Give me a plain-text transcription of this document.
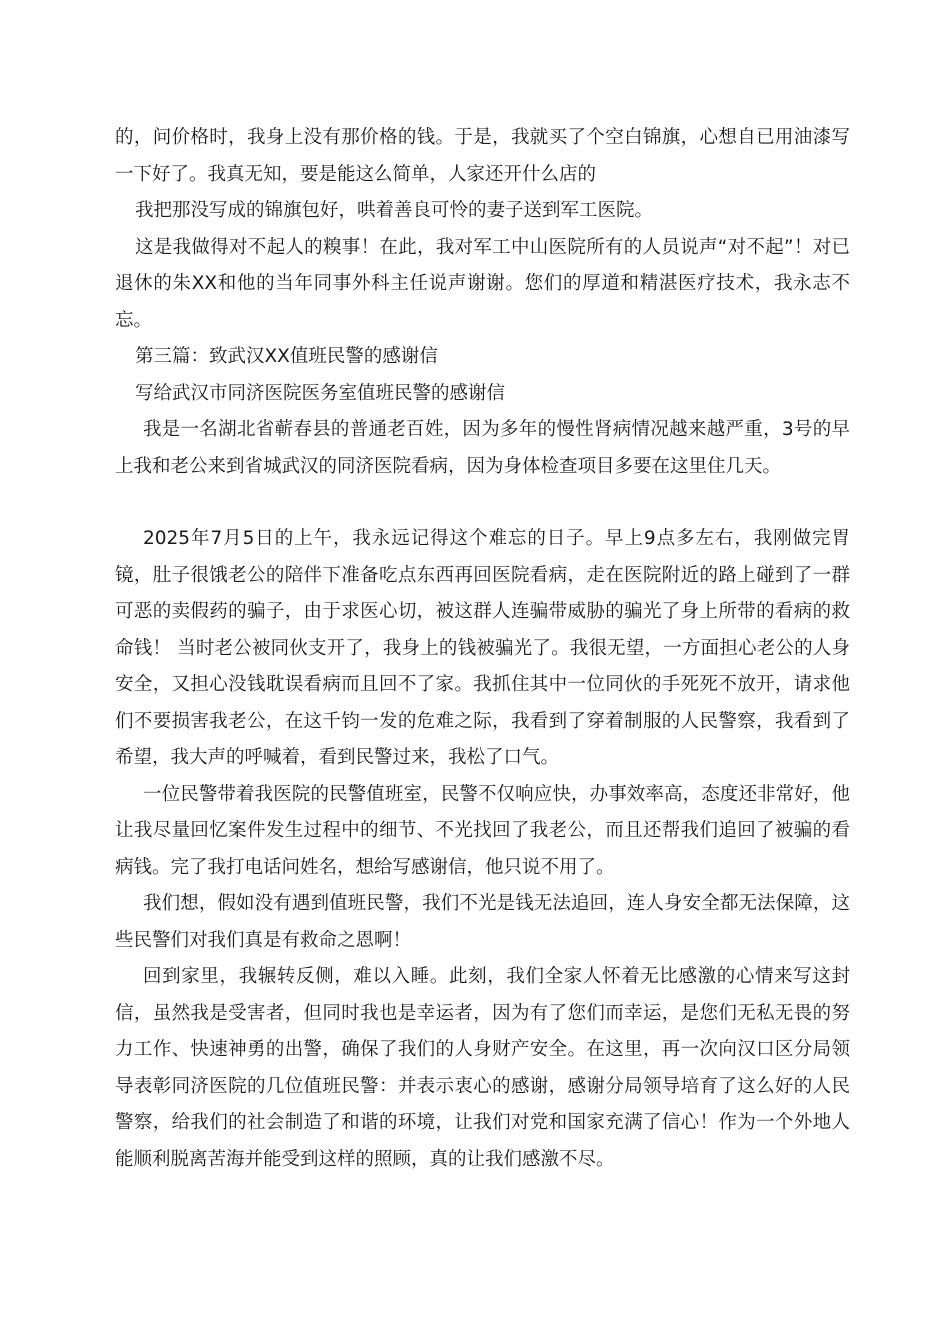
的，问价格时，我身上没有那价格的钱。于是，我就买了个空白锦旗，心想自已用油漆写一下好了。我真无知，要是能这么简单，人家还开什么店的

我把那没写成的锦旗包好，哄着善良可怜的妻子送到军工医院。

这是我做得对不起人的糗事！在此，我对军工中山医院所有的人员说声“对不起”！对已退休的朱XX和他的当年同事外科主任说声谢谢。您们的厚道和精湛医疗技术，我永志不忘。

第三篇：致武汉XX值班民警的感谢信

写给武汉市同济医院医务室值班民警的感谢信

我是一名湖北省蕲春县的普通老百姓，因为多年的慢性肾病情况越来越严重，3号的早上我和老公来到省城武汉的同济医院看病，因为身体检查项目多要在这里住几天。

2025年7月5日的上午，我永远记得这个难忘的日子。早上9点多左右，我刚做完胃镜，肚子很饿老公的陪伴下准备吃点东西再回医院看病，走在医院附近的路上碰到了一群可恶的卖假药的骗子，由于求医心切，被这群人连骗带威胁的骗光了身上所带的看病的救命钱！ 当时老公被同伙支开了，我身上的钱被骗光了。我很无望，一方面担心老公的人身安全，又担心没钱耽误看病而且回不了家。我抓住其中一位同伙的手死死不放开，请求他们不要损害我老公，在这千钧一发的危难之际，我看到了穿着制服的人民警察，我看到了希望，我大声的呼喊着，看到民警过来，我松了口气。

一位民警带着我医院的民警值班室，民警不仅响应快，办事效率高，态度还非常好，他让我尽量回忆案件发生过程中的细节、不光找回了我老公，而且还帮我们追回了被骗的看病钱。完了我打电话问姓名，想给写感谢信，他只说不用了。

我们想，假如没有遇到值班民警，我们不光是钱无法追回，连人身安全都无法保障，这些民警们对我们真是有救命之恩啊！

回到家里，我辗转反侧，难以入睡。此刻，我们全家人怀着无比感激的心情来写这封信，虽然我是受害者，但同时我也是幸运者，因为有了您们而幸运，是您们无私无畏的努力工作、快速神勇的出警，确保了我们的人身财产安全。在这里，再一次向汉口区分局领导表彰同济医院的几位值班民警：并表示衷心的感谢，感谢分局领导培育了这么好的人民警察，给我们的社会制造了和谐的环境，让我们对党和国家充满了信心！作为一个外地人能顺利脱离苦海并能受到这样的照顾，真的让我们感激不尽。
